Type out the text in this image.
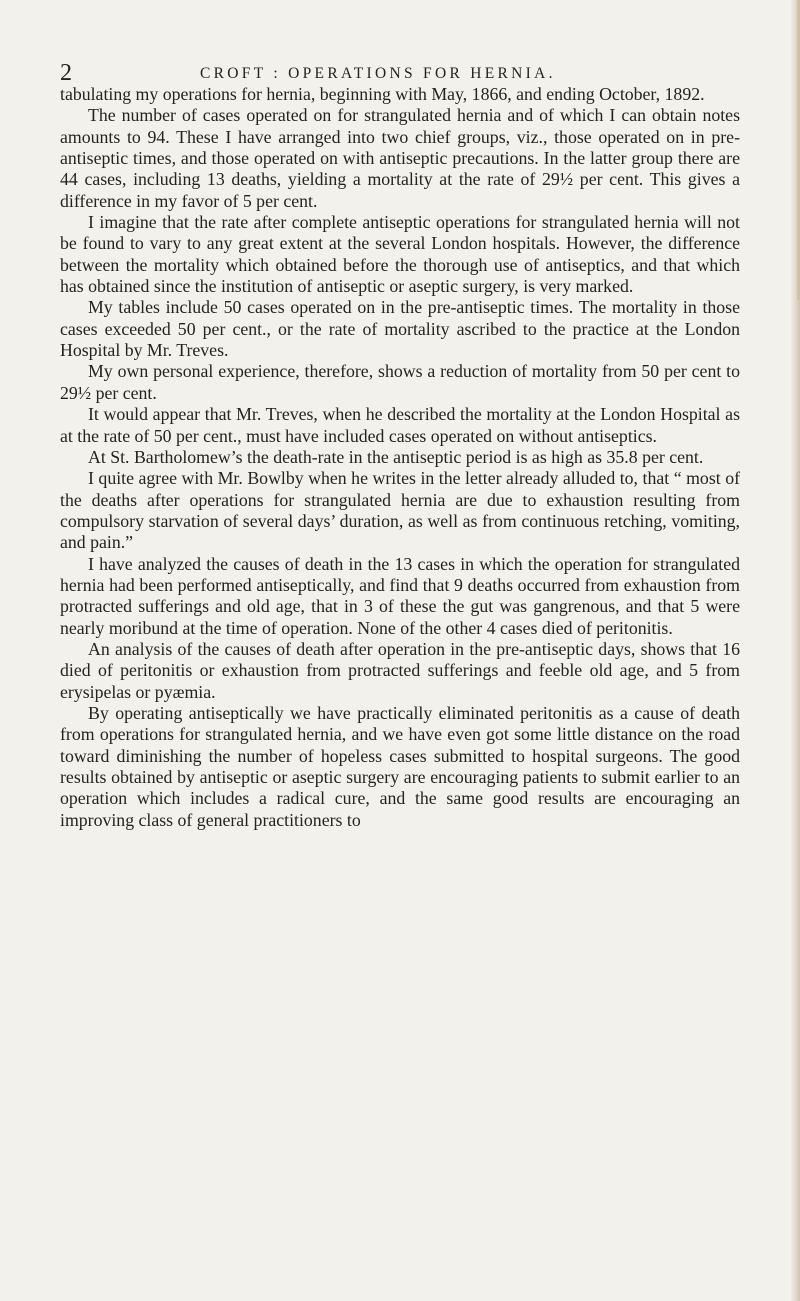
2	CROFT : OPERATIONS FOR HERNIA.

tabulating my operations for hernia, beginning with May, 1866, and ending October, 1892.

The number of cases operated on for strangulated hernia and of which I can obtain notes amounts to 94. These I have arranged into two chief groups, viz., those operated on in pre-antiseptic times, and those operated on with antiseptic precautions. In the latter group there are 44 cases, including 13 deaths, yielding a mortality at the rate of 29½ per cent. This gives a difference in my favor of 5 per cent.

I imagine that the rate after complete antiseptic operations for strangulated hernia will not be found to vary to any great extent at the several London hospitals. However, the difference between the mortality which obtained before the thorough use of antiseptics, and that which has obtained since the institution of antiseptic or aseptic surgery, is very marked.

My tables include 50 cases operated on in the pre-antiseptic times. The mortality in those cases exceeded 50 per cent., or the rate of mortality ascribed to the practice at the London Hospital by Mr. Treves.

My own personal experience, therefore, shows a reduction of mortality from 50 per cent to 29½ per cent.

It would appear that Mr. Treves, when he described the mortality at the London Hospital as at the rate of 50 per cent., must have included cases operated on without antiseptics.

At St. Bartholomew’s the death-rate in the antiseptic period is as high as 35.8 per cent.

I quite agree with Mr. Bowlby when he writes in the letter already alluded to, that “ most of the deaths after operations for strangulated hernia are due to exhaustion resulting from compulsory starvation of several days’ duration, as well as from continuous retching, vomiting, and pain.”

I have analyzed the causes of death in the 13 cases in which the operation for strangulated hernia had been performed antiseptically, and find that 9 deaths occurred from exhaustion from protracted sufferings and old age, that in 3 of these the gut was gangrenous, and that 5 were nearly moribund at the time of operation. None of the other 4 cases died of peritonitis.

An analysis of the causes of death after operation in the pre-antiseptic days, shows that 16 died of peritonitis or exhaustion from protracted sufferings and feeble old age, and 5 from erysipelas or pyæmia.

By operating antiseptically we have practically eliminated peritonitis as a cause of death from operations for strangulated hernia, and we have even got some little distance on the road toward diminishing the number of hopeless cases submitted to hospital surgeons. The good results obtained by antiseptic or aseptic surgery are encouraging patients to submit earlier to an operation which includes a radical cure, and the same good results are encouraging an improving class of general practitioners to
